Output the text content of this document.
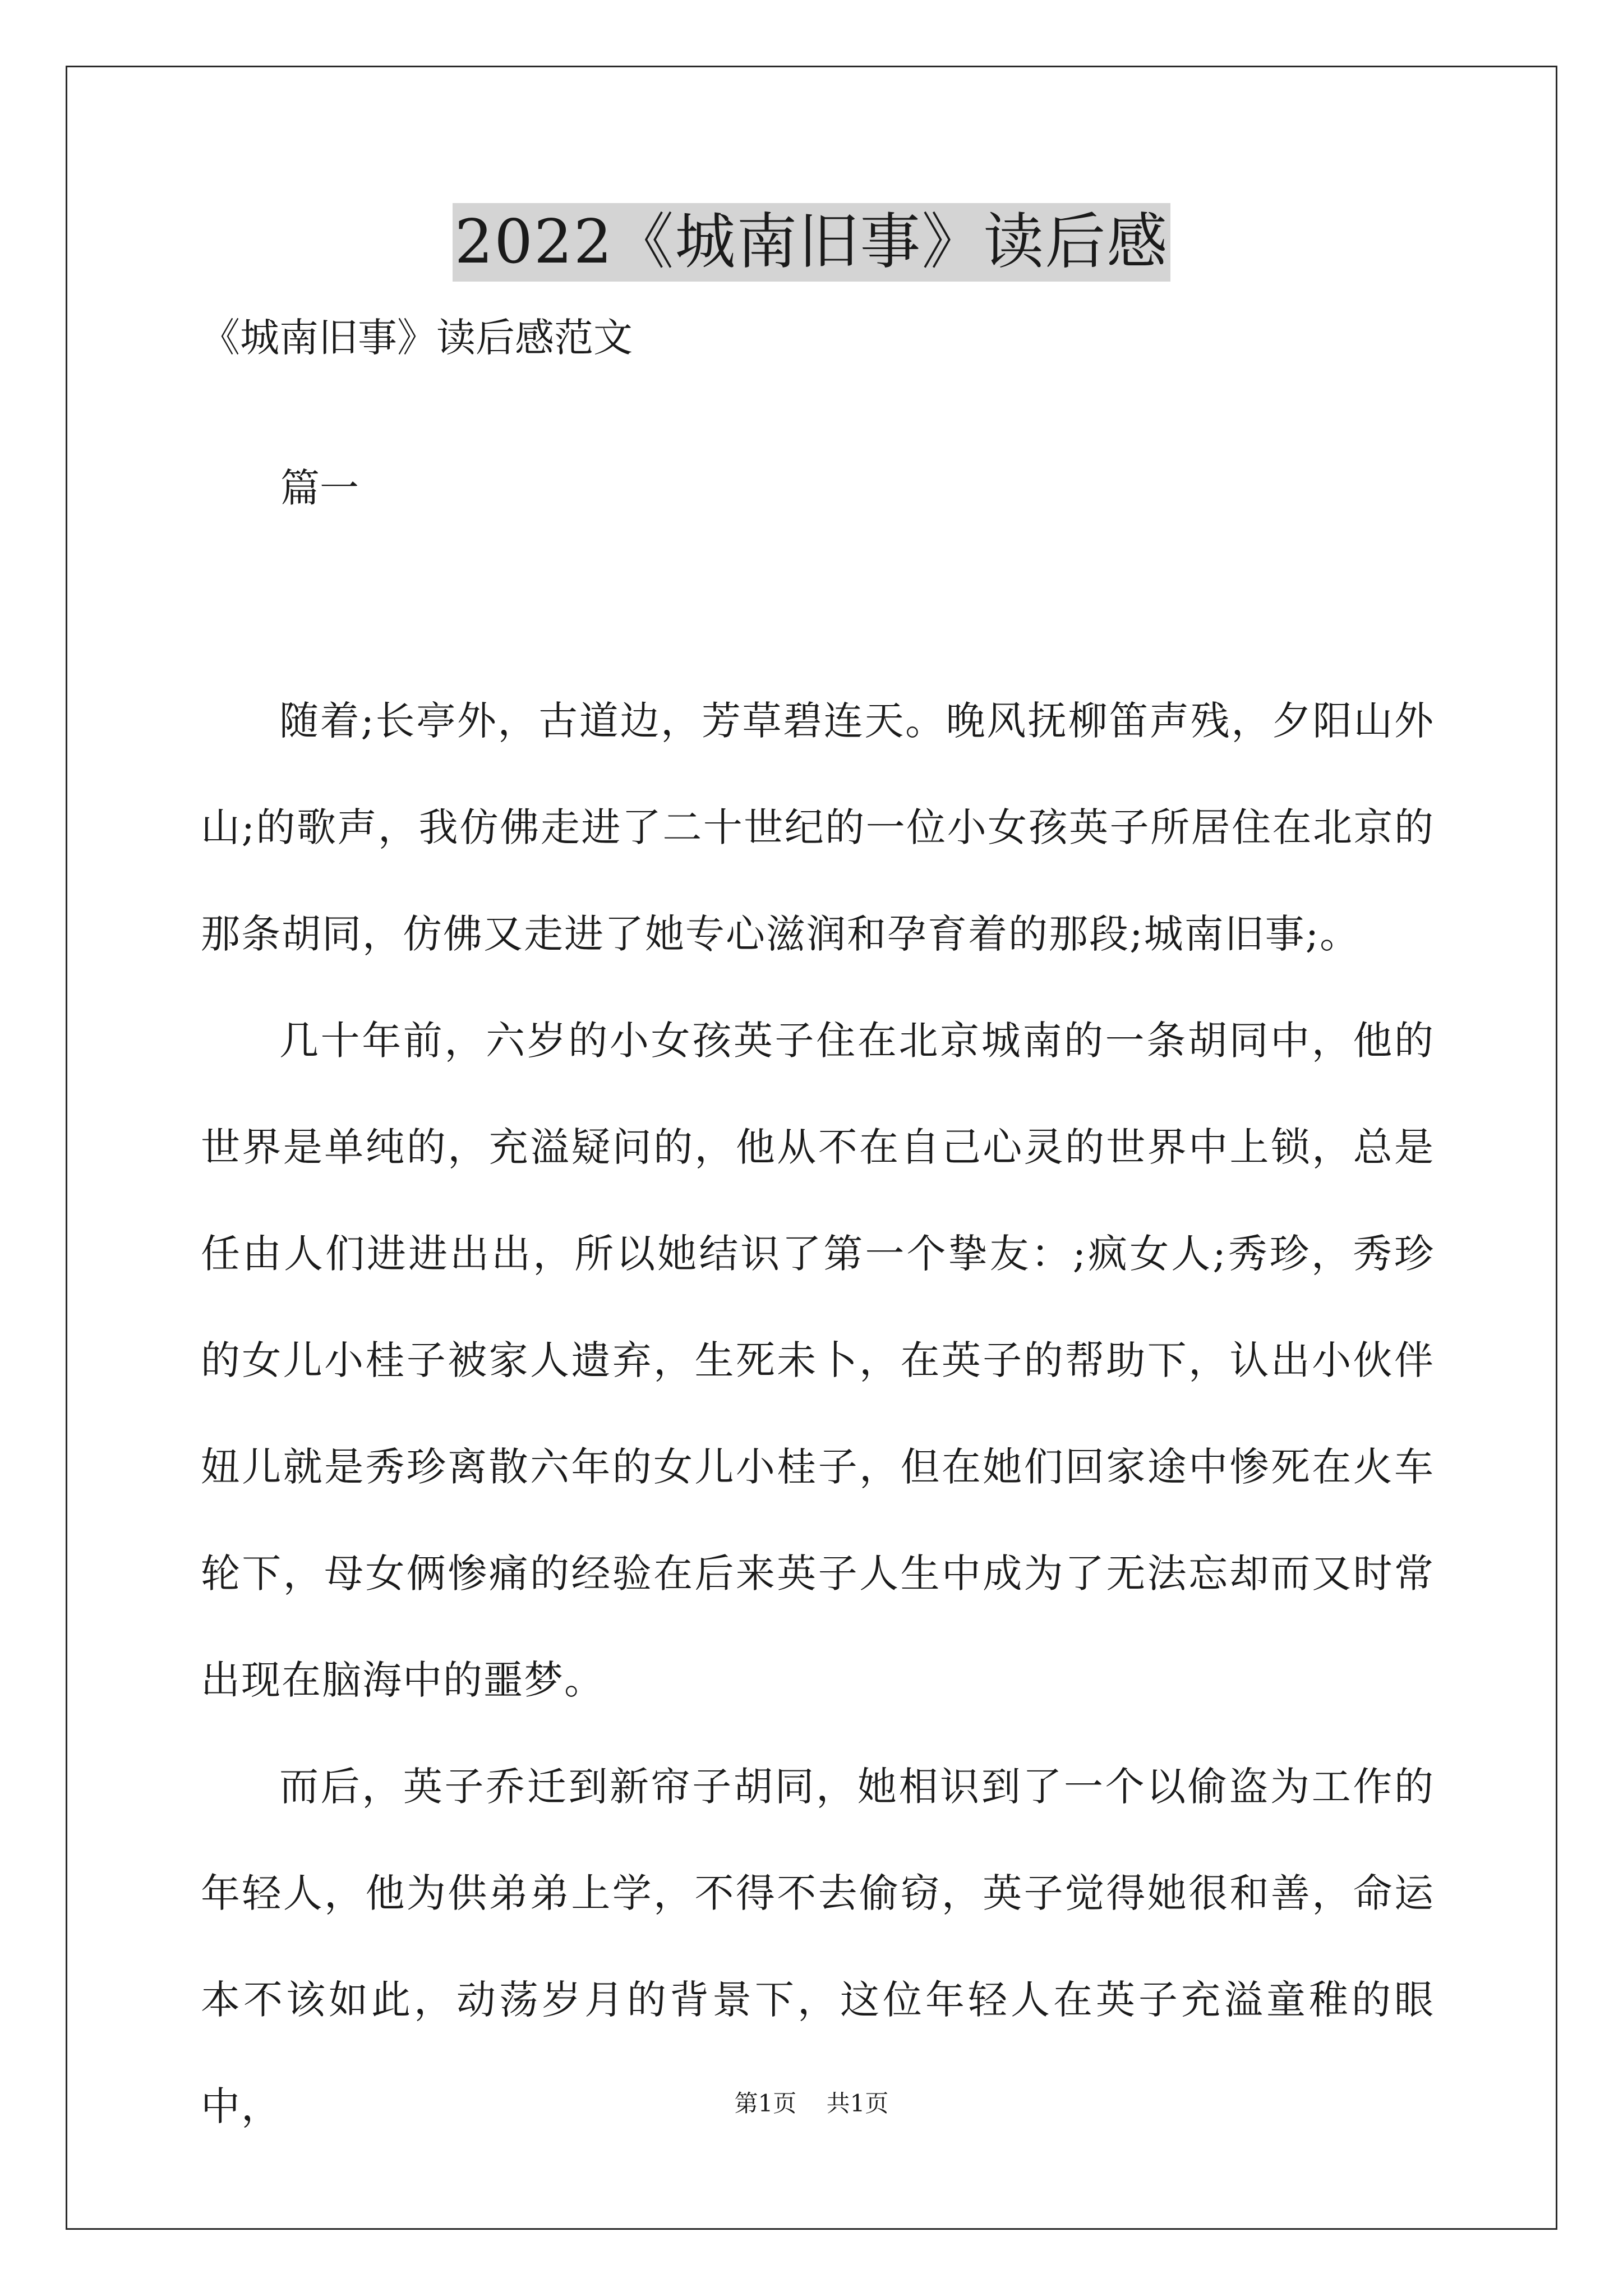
2022《城南旧事》读后感

《城南旧事》读后感范文

篇一

随着;长亭外，古道边，芳草碧连天。晚风抚柳笛声残，夕阳山外山;的歌声，我仿佛走进了二十世纪的一位小女孩英子所居住在北京的那条胡同，仿佛又走进了她专心滋润和孕育着的那段;城南旧事;。

几十年前，六岁的小女孩英子住在北京城南的一条胡同中，他的世界是单纯的，充溢疑问的，他从不在自己心灵的世界中上锁，总是任由人们进进出出，所以她结识了第一个挚友：;疯女人;秀珍，秀珍的女儿小桂子被家人遗弃，生死未卜，在英子的帮助下，认出小伙伴妞儿就是秀珍离散六年的女儿小桂子，但在她们回家途中惨死在火车轮下，母女俩惨痛的经验在后来英子人生中成为了无法忘却而又时常出现在脑海中的噩梦。

而后，英子乔迁到新帘子胡同，她相识到了一个以偷盗为工作的年轻人，他为供弟弟上学，不得不去偷窃，英子觉得她很和善，命运本不该如此，动荡岁月的背景下，这位年轻人在英子充溢童稚的眼中，	第1页 共1页
